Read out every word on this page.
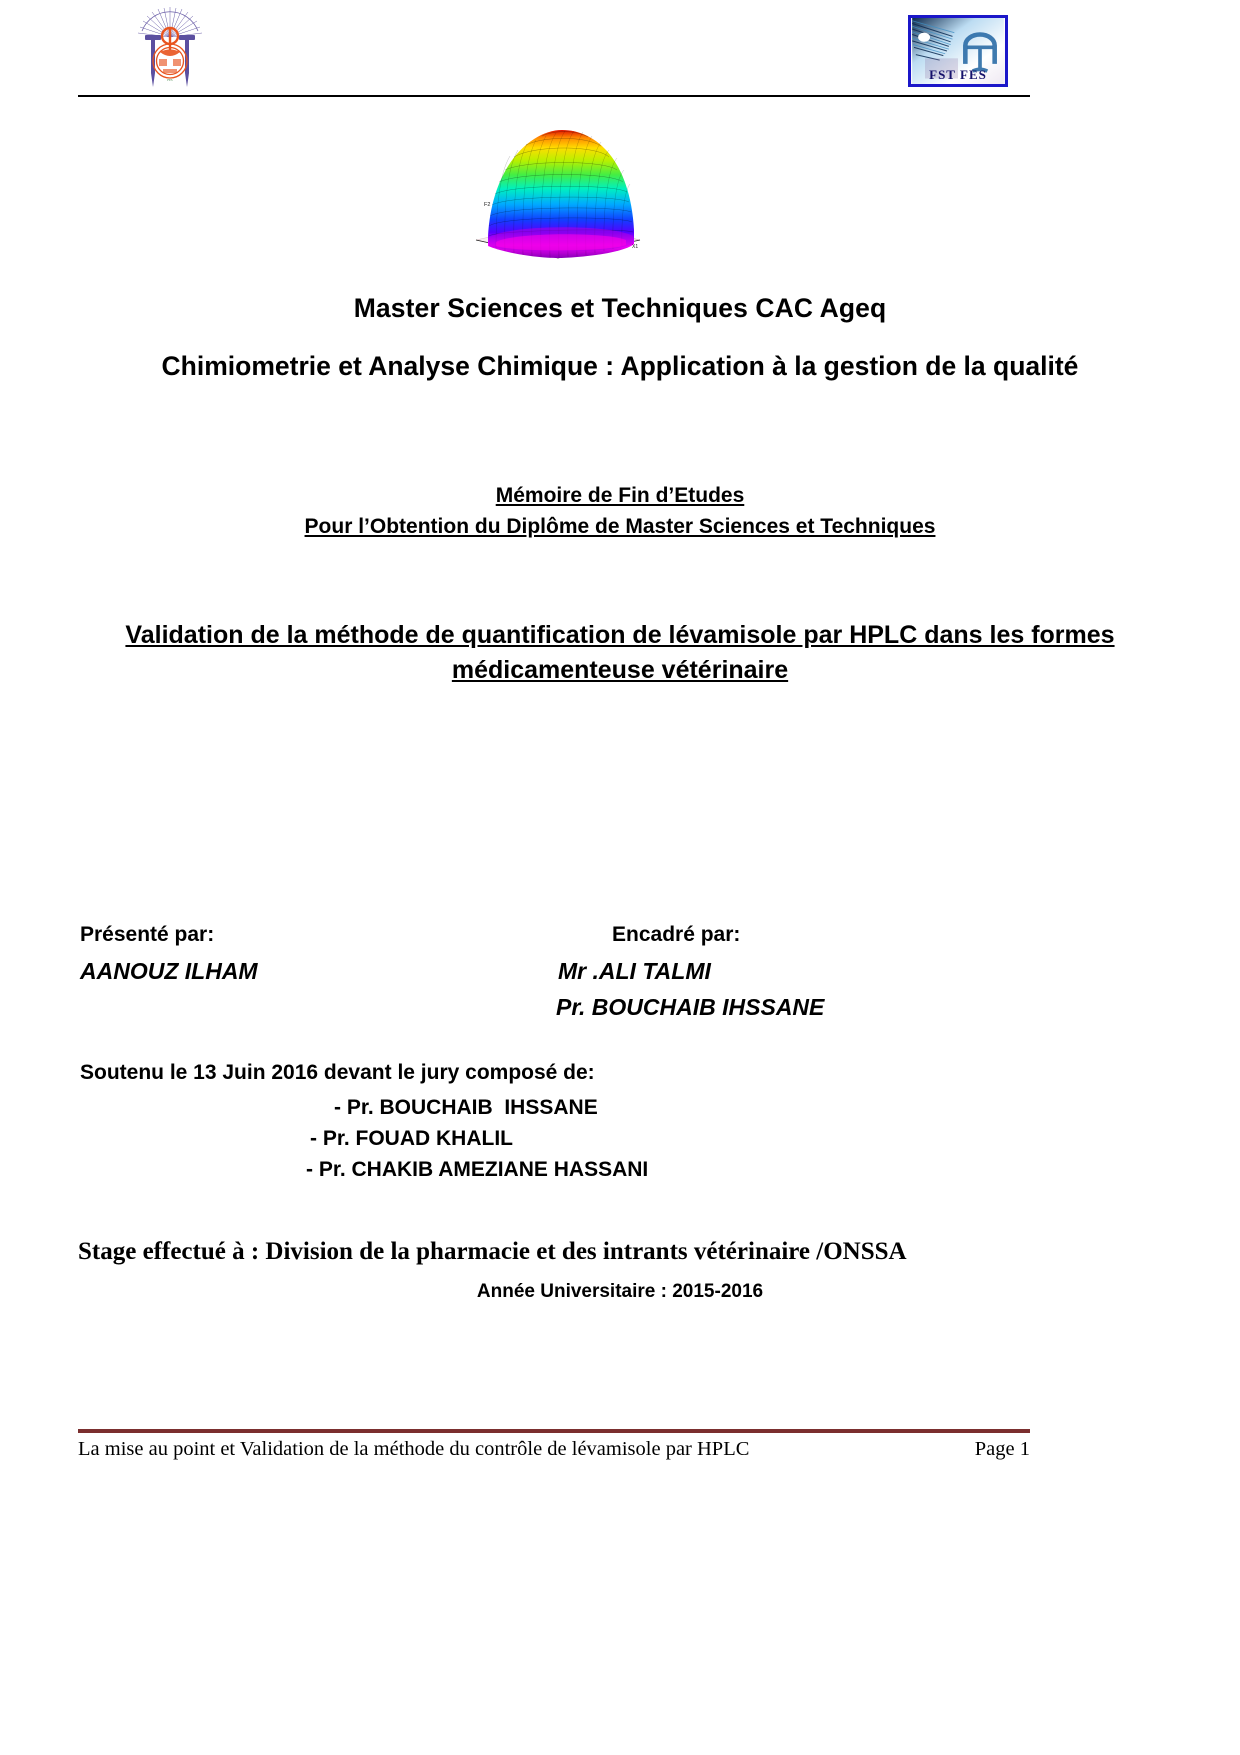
FES	FST FES
F2
X1
Master Sciences et Techniques CAC Ageq
Chimiometrie et Analyse Chimique : Application à la gestion de la qualité
Mémoire de Fin d’Etudes
Pour l’Obtention du Diplôme de Master Sciences et Techniques
Validation de la méthode de quantification de lévamisole par HPLC dans les formes médicamenteuse vétérinaire
Présenté par:
AANOUZ ILHAM
Encadré par:
Mr .ALI TALMI
Pr. BOUCHAIB IHSSANE
Soutenu le 13 Juin 2016 devant le jury composé de:
- Pr. BOUCHAIB  IHSSANE
- Pr. FOUAD KHALIL
- Pr. CHAKIB AMEZIANE HASSANI
Stage effectué à : Division de la pharmacie et des intrants vétérinaire /ONSSA
Année Universitaire : 2015-2016
La mise au point et Validation de la méthode du contrôle de lévamisole par HPLC	Page 1
